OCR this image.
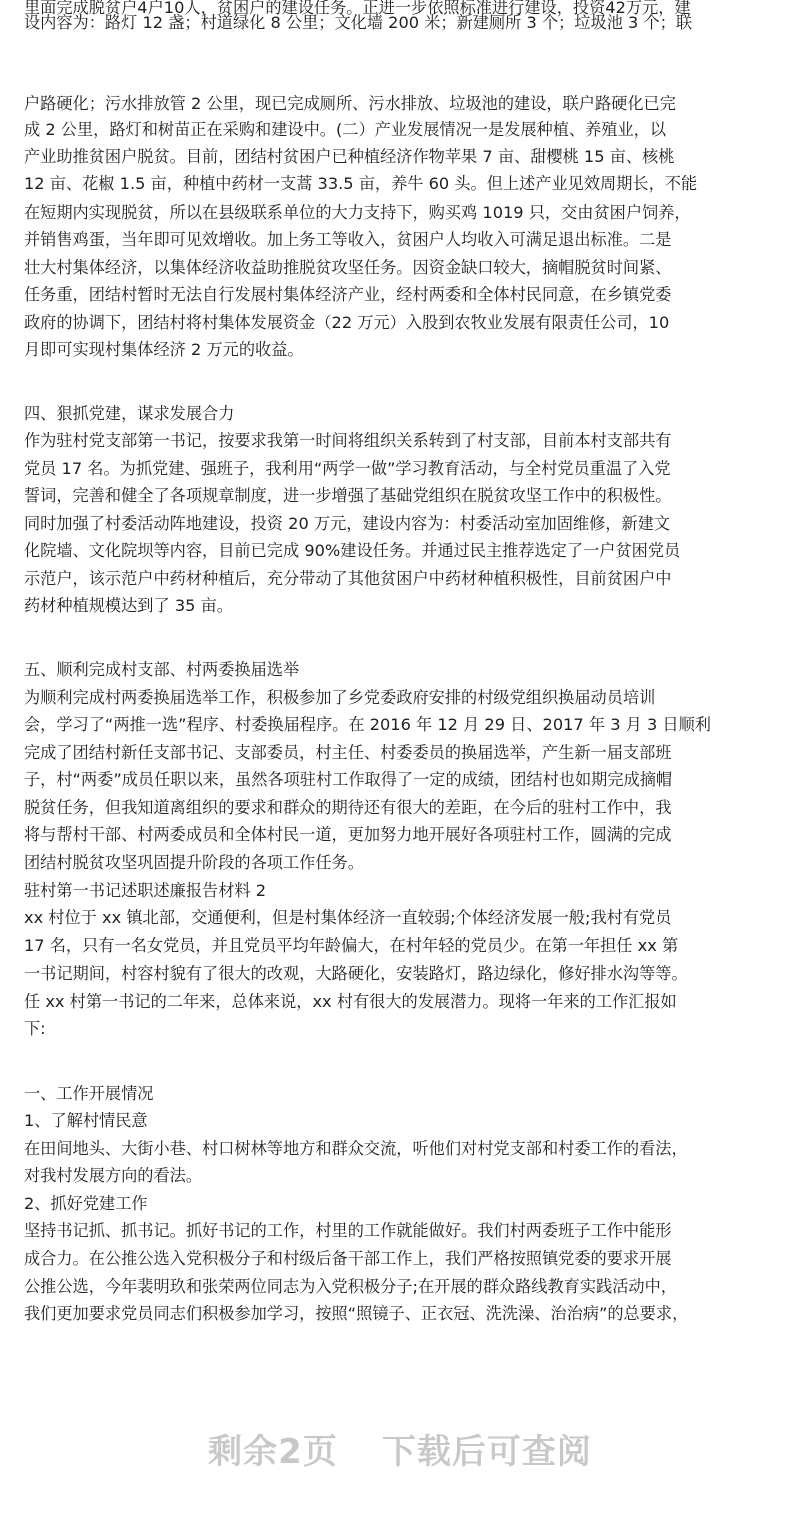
里面完成脱贫户4户10人，贫困户的建设任务。正进一步依照标准进行建设，投资42万元，建
设内容为：路灯 12 盏；村道绿化 8 公里；文化墙 200 米；新建厕所 3 个；垃圾池 3 个；联
户路硬化；污水排放管 2 公里，现已完成厕所、污水排放、垃圾池的建设，联户路硬化已完
成 2 公里，路灯和树苗正在采购和建设中。(二）产业发展情况一是发展种植、养殖业，以
产业助推贫困户脱贫。目前，团结村贫困户已种植经济作物苹果 7 亩、甜樱桃 15 亩、核桃
12 亩、花椒 1.5 亩，种植中药材一支蒿 33.5 亩，养牛 60 头。但上述产业见效周期长，不能
在短期内实现脱贫，所以在县级联系单位的大力支持下，购买鸡 1019 只，交由贫困户饲养，
并销售鸡蛋，当年即可见效增收。加上务工等收入，贫困户人均收入可满足退出标准。二是
壮大村集体经济，以集体经济收益助推脱贫攻坚任务。因资金缺口较大，摘帽脱贫时间紧、
任务重，团结村暂时无法自行发展村集体经济产业，经村两委和全体村民同意，在乡镇党委
政府的协调下，团结村将村集体发展资金（22 万元）入股到农牧业发展有限责任公司，10
月即可实现村集体经济 2 万元的收益。
四、狠抓党建，谋求发展合力
作为驻村党支部第一书记，按要求我第一时间将组织关系转到了村支部，目前本村支部共有
党员 17 名。为抓党建、强班子，我利用“两学一做”学习教育活动，与全村党员重温了入党
誓词，完善和健全了各项规章制度，进一步增强了基础党组织在脱贫攻坚工作中的积极性。
同时加强了村委活动阵地建设，投资 20 万元，建设内容为：村委活动室加固维修，新建文
化院墙、文化院坝等内容，目前已完成 90%建设任务。并通过民主推荐选定了一户贫困党员
示范户，该示范户中药材种植后，充分带动了其他贫困户中药材种植积极性，目前贫困户中
药材种植规模达到了 35 亩。
五、顺利完成村支部、村两委换届选举
为顺利完成村两委换届选举工作，积极参加了乡党委政府安排的村级党组织换届动员培训
会，学习了“两推一选”程序、村委换届程序。在 2016 年 12 月 29 日、2017 年 3 月 3 日顺利
完成了团结村新任支部书记、支部委员，村主任、村委委员的换届选举，产生新一届支部班
子，村“两委”成员任职以来，虽然各项驻村工作取得了一定的成绩，团结村也如期完成摘帽
脱贫任务，但我知道离组织的要求和群众的期待还有很大的差距，在今后的驻村工作中，我
将与帮村干部、村两委成员和全体村民一道，更加努力地开展好各项驻村工作，圆满的完成
团结村脱贫攻坚巩固提升阶段的各项工作任务。
驻村第一书记述职述廉报告材料 2
xx 村位于 xx 镇北部，交通便利，但是村集体经济一直较弱;个体经济发展一般;我村有党员
17 名，只有一名女党员，并且党员平均年龄偏大，在村年轻的党员少。在第一年担任 xx 第
一书记期间，村容村貌有了很大的改观，大路硬化，安装路灯，路边绿化，修好排水沟等等。
任 xx 村第一书记的二年来，总体来说，xx 村有很大的发展潜力。现将一年来的工作汇报如
下:
一、工作开展情况
1、了解村情民意
在田间地头、大街小巷、村口树林等地方和群众交流，听他们对村党支部和村委工作的看法，
对我村发展方向的看法。
2、抓好党建工作
坚持书记抓、抓书记。抓好书记的工作，村里的工作就能做好。我们村两委班子工作中能形
成合力。在公推公选入党积极分子和村级后备干部工作上，我们严格按照镇党委的要求开展
公推公选，今年裴明玖和张荣两位同志为入党积极分子;在开展的群众路线教育实践活动中，
我们更加要求党员同志们积极参加学习，按照“照镜子、正衣冠、洗洗澡、治治病”的总要求，
剩余2页 下载后可查阅
